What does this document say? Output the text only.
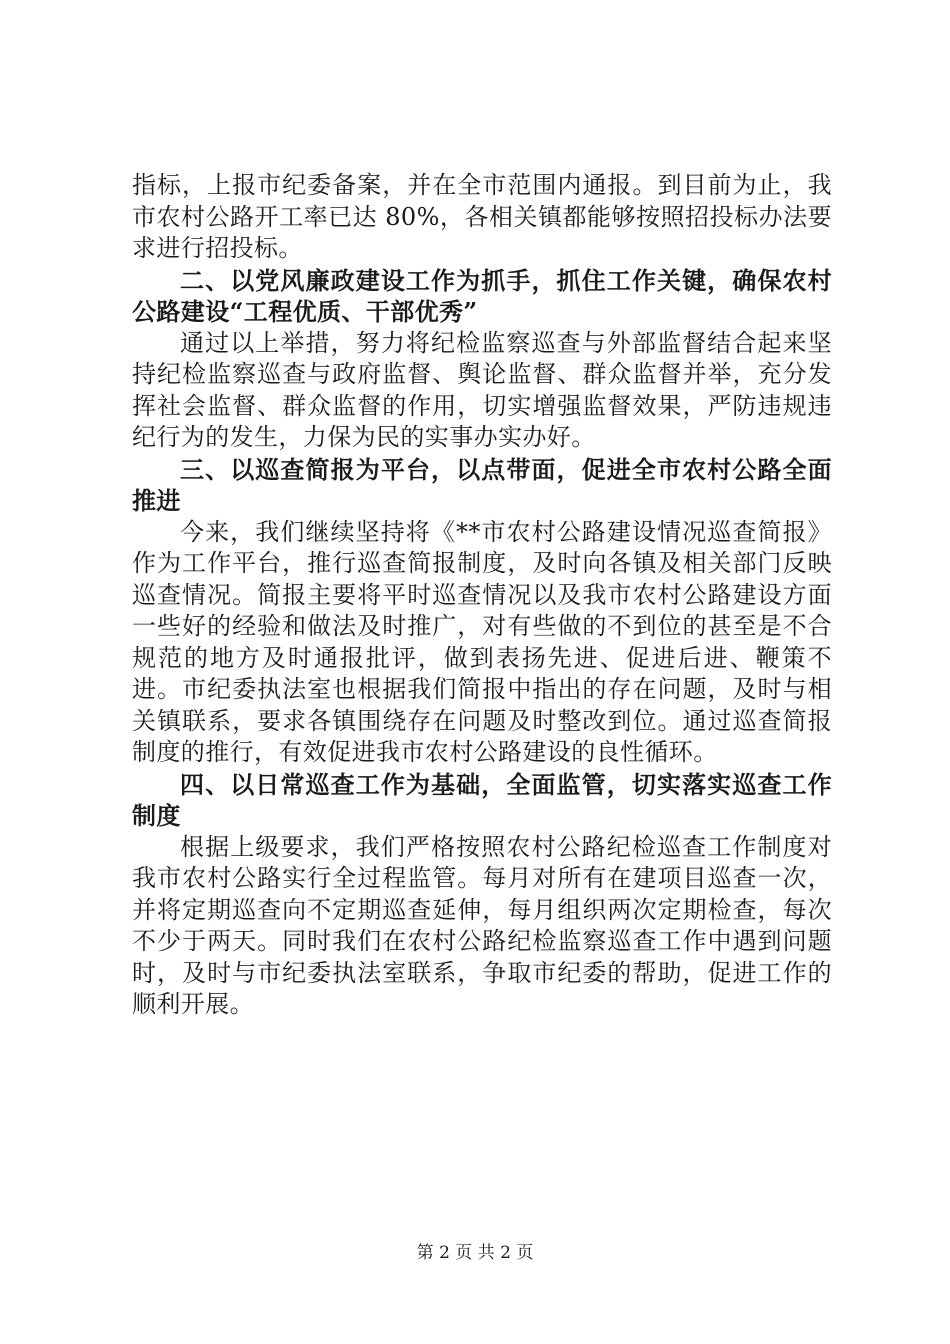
指标，上报市纪委备案，并在全市范围内通报。到目前为止，我市农村公路开工率已达 80%，各相关镇都能够按照招投标办法要求进行招投标。

二、以党风廉政建设工作为抓手，抓住工作关键，确保农村公路建设“工程优质、干部优秀”

通过以上举措，努力将纪检监察巡查与外部监督结合起来坚持纪检监察巡查与政府监督、舆论监督、群众监督并举，充分发挥社会监督、群众监督的作用，切实增强监督效果，严防违规违纪行为的发生，力保为民的实事办实办好。

三、以巡查简报为平台，以点带面，促进全市农村公路全面推进

今来，我们继续坚持将《**市农村公路建设情况巡查简报》作为工作平台，推行巡查简报制度，及时向各镇及相关部门反映巡查情况。简报主要将平时巡查情况以及我市农村公路建设方面一些好的经验和做法及时推广，对有些做的不到位的甚至是不合规范的地方及时通报批评，做到表扬先进、促进后进、鞭策不进。市纪委执法室也根据我们简报中指出的存在问题，及时与相关镇联系，要求各镇围绕存在问题及时整改到位。通过巡查简报制度的推行，有效促进我市农村公路建设的良性循环。

四、以日常巡查工作为基础，全面监管，切实落实巡查工作制度

根据上级要求，我们严格按照农村公路纪检巡查工作制度对我市农村公路实行全过程监管。每月对所有在建项目巡查一次，并将定期巡查向不定期巡查延伸，每月组织两次定期检查，每次不少于两天。同时我们在农村公路纪检监察巡查工作中遇到问题时，及时与市纪委执法室联系，争取市纪委的帮助，促进工作的顺利开展。

第 2 页 共 2 页
